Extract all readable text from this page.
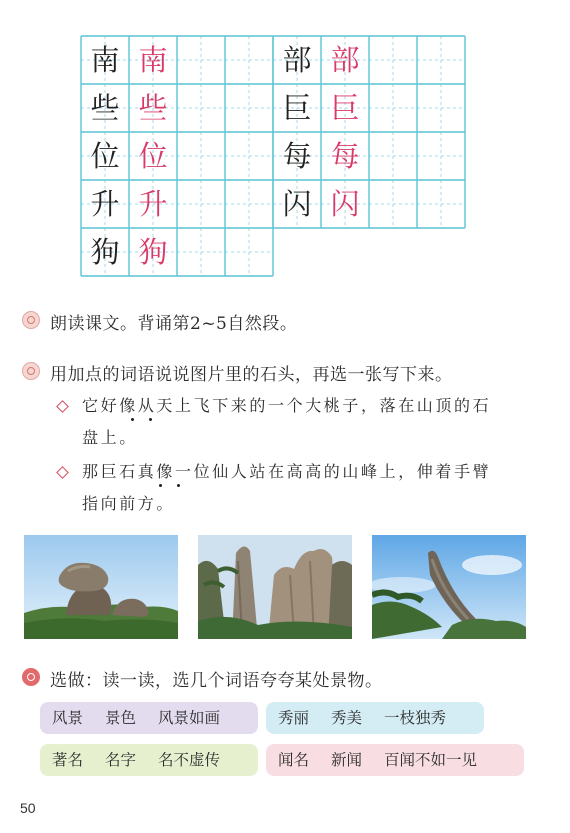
南 南
些 些
位 位
升 升
狗 狗
部 部
巨 巨
每 每
闪 闪
朗读课文。背诵第2~5自然段。
用加点的词语说说图片里的石头，再选一张写下来。
它好像从天上飞下来的一个大桃子，落在山顶的石
盘上。
那巨石真像一位仙人站在高高的山峰上，伸着手臂
指向前方。
选做：读一读，选几个词语夸夸某处景物。
风景 景色 风景如画	秀丽 秀美 一枝独秀
著名 名字 名不虚传	闻名 新闻 百闻不如一见
50
